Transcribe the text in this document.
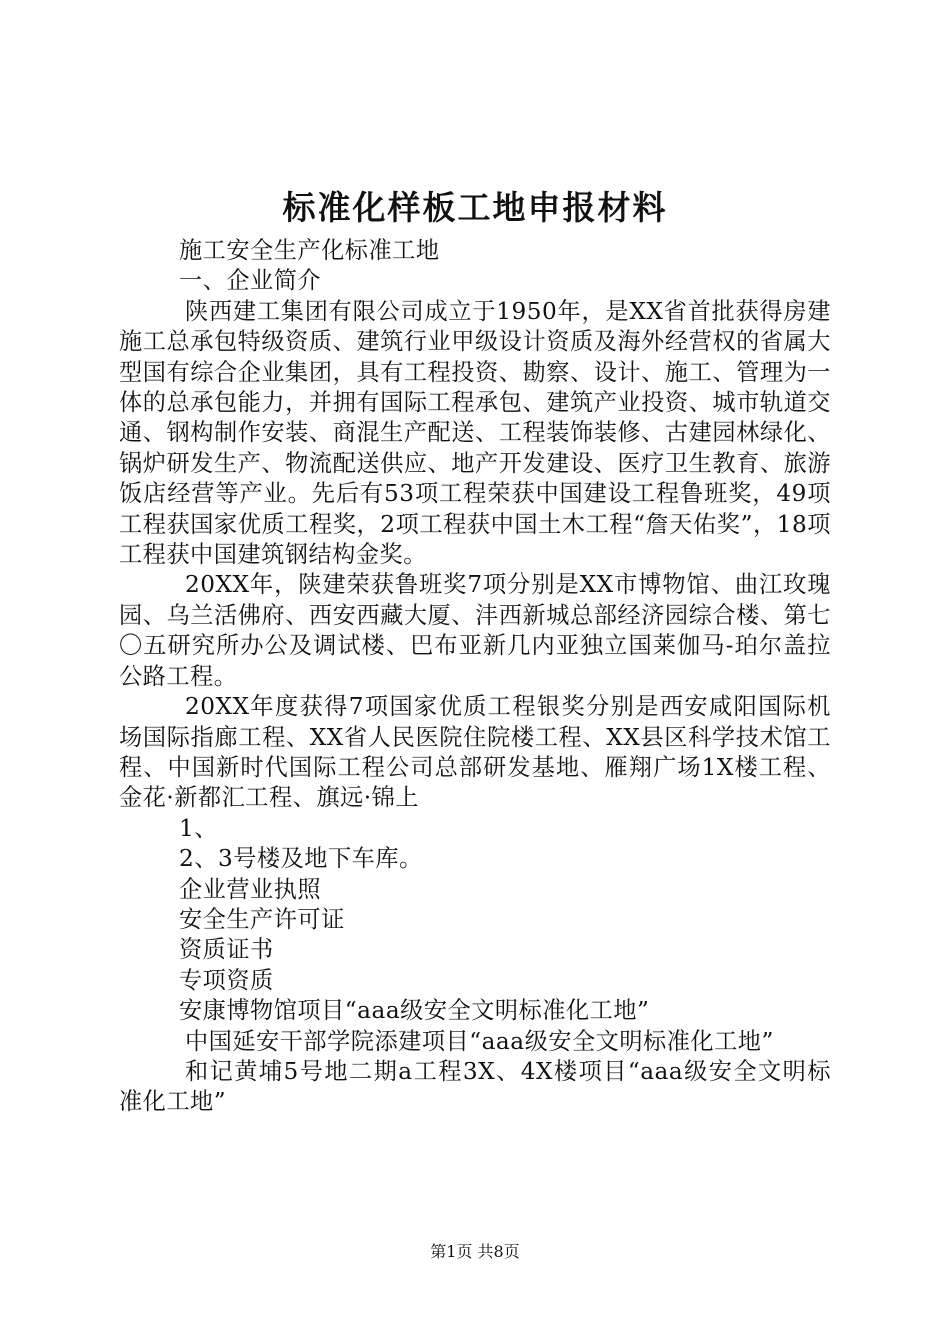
标准化样板工地申报材料

施工安全生产化标准工地

一、企业简介

陕西建工集团有限公司成立于1950年，是XX省首批获得房建施工总承包特级资质、建筑行业甲级设计资质及海外经营权的省属大型国有综合企业集团，具有工程投资、勘察、设计、施工、管理为一体的总承包能力，并拥有国际工程承包、建筑产业投资、城市轨道交通、钢构制作安装、商混生产配送、工程装饰装修、古建园林绿化、锅炉研发生产、物流配送供应、地产开发建设、医疗卫生教育、旅游饭店经营等产业。先后有53项工程荣获中国建设工程鲁班奖，49项工程获国家优质工程奖，2项工程获中国土木工程“詹天佑奖”，18项工程获中国建筑钢结构金奖。

20XX年，陕建荣获鲁班奖7项分别是XX市博物馆、曲江玫瑰园、乌兰活佛府、西安西藏大厦、沣西新城总部经济园综合楼、第七〇五研究所办公及调试楼、巴布亚新几内亚独立国莱伽马-珀尔盖拉公路工程。

20XX年度获得7项国家优质工程银奖分别是西安咸阳国际机场国际指廊工程、XX省人民医院住院楼工程、XX县区科学技术馆工程、中国新时代国际工程公司总部研发基地、雁翔广场1X楼工程、金花·新都汇工程、旗远·锦上

1、

2、3号楼及地下车库。

企业营业执照

安全生产许可证

资质证书

专项资质

安康博物馆项目“aaa级安全文明标准化工地”

中国延安干部学院添建项目“aaa级安全文明标准化工地”

和记黄埔5号地二期a工程3X、4X楼项目“aaa级安全文明标准化工地”

第1页 共8页
